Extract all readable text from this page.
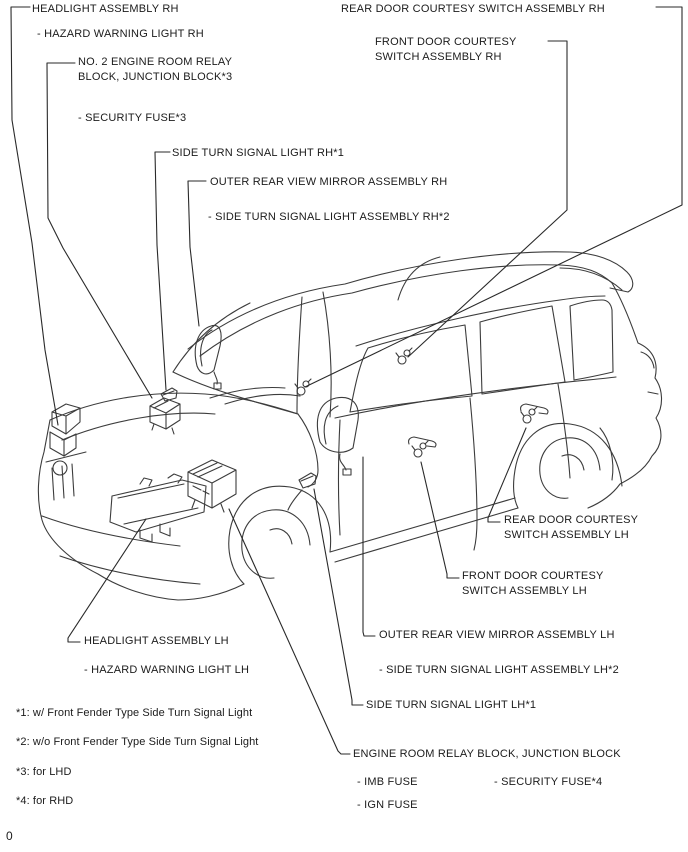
HEADLIGHT ASSEMBLY RH
- HAZARD WARNING LIGHT RH
NO. 2 ENGINE ROOM RELAY
BLOCK, JUNCTION BLOCK*3
- SECURITY FUSE*3
SIDE TURN SIGNAL LIGHT RH*1
OUTER REAR VIEW MIRROR ASSEMBLY RH
- SIDE TURN SIGNAL LIGHT ASSEMBLY RH*2
REAR DOOR COURTESY SWITCH ASSEMBLY RH
FRONT DOOR COURTESY
SWITCH ASSEMBLY RH
REAR DOOR COURTESY
SWITCH ASSEMBLY LH
FRONT DOOR COURTESY
SWITCH ASSEMBLY LH
OUTER REAR VIEW MIRROR ASSEMBLY LH
- SIDE TURN SIGNAL LIGHT ASSEMBLY LH*2
SIDE TURN SIGNAL LIGHT LH*1
ENGINE ROOM RELAY BLOCK, JUNCTION BLOCK
- IMB FUSE	- SECURITY FUSE*4
- IGN FUSE
HEADLIGHT ASSEMBLY LH
- HAZARD WARNING LIGHT LH
*1: w/ Front Fender Type Side Turn Signal Light
*2: w/o Front Fender Type Side Turn Signal Light
*3: for LHD
*4: for RHD
0
